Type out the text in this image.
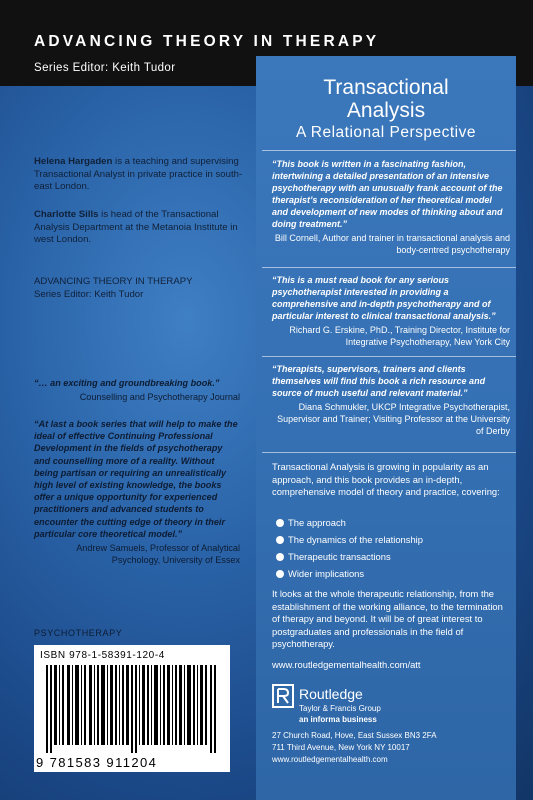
ADVANCING THEORY IN THERAPY
Series Editor: Keith Tudor
Transactional
Analysis
A Relational Perspective
“This book is written in a fascinating fashion, intertwining a detailed presentation of an intensive psychotherapy with an unusually frank account of the therapist’s reconsideration of her theoretical model and development of new modes of thinking about and doing treatment.”
Bill Cornell, Author and trainer in transactional analysis and body-centred psychotherapy
“This is a must read book for any serious psychotherapist interested in providing a comprehensive and in-depth psychotherapy and of particular interest to clinical transactional analysis.”
Richard G. Erskine, PhD., Training Director, Institute for Integrative Psychotherapy, New York City
“Therapists, supervisors, trainers and clients themselves will find this book a rich resource and source of much useful and relevant material.”
Diana Schmukler, UKCP Integrative Psychotherapist, Supervisor and Trainer; Visiting Professor at the University of Derby
Helena Hargaden is a teaching and supervising Transactional Analyst in private practice in south-east London.
Charlotte Sills is head of the Transactional Analysis Department at the Metanoia Institute in west London.
ADVANCING THEORY IN THERAPY
Series Editor: Keith Tudor
“… an exciting and groundbreaking book.”
Counselling and Psychotherapy Journal
“At last a book series that will help to make the ideal of effective Continuing Professional Development in the fields of psychotherapy and counselling more of a reality. Without being partisan or requiring an unrealistically high level of existing knowledge, the books offer a unique opportunity for experienced practitioners and advanced students to encounter the cutting edge of theory in their particular core theoretical model.”
Andrew Samuels, Professor of Analytical Psychology, University of Essex
Transactional Analysis is growing in popularity as an approach, and this book provides an in-depth, comprehensive model of theory and practice, covering:
The approach
The dynamics of the relationship
Therapeutic transactions
Wider implications
It looks at the whole therapeutic relationship, from the establishment of the working alliance, to the termination of therapy and beyond. It will be of great interest to postgraduates and professionals in the field of psychotherapy.
www.routledgementalhealth.com/att
PSYCHOTHERAPY
ISBN 978-1-58391-120-4
9 781583 911204
Routledge
Taylor & Francis Group
an informa business
27 Church Road, Hove, East Sussex BN3 2FA
711 Third Avenue, New York NY 10017
www.routledgementalhealth.com
